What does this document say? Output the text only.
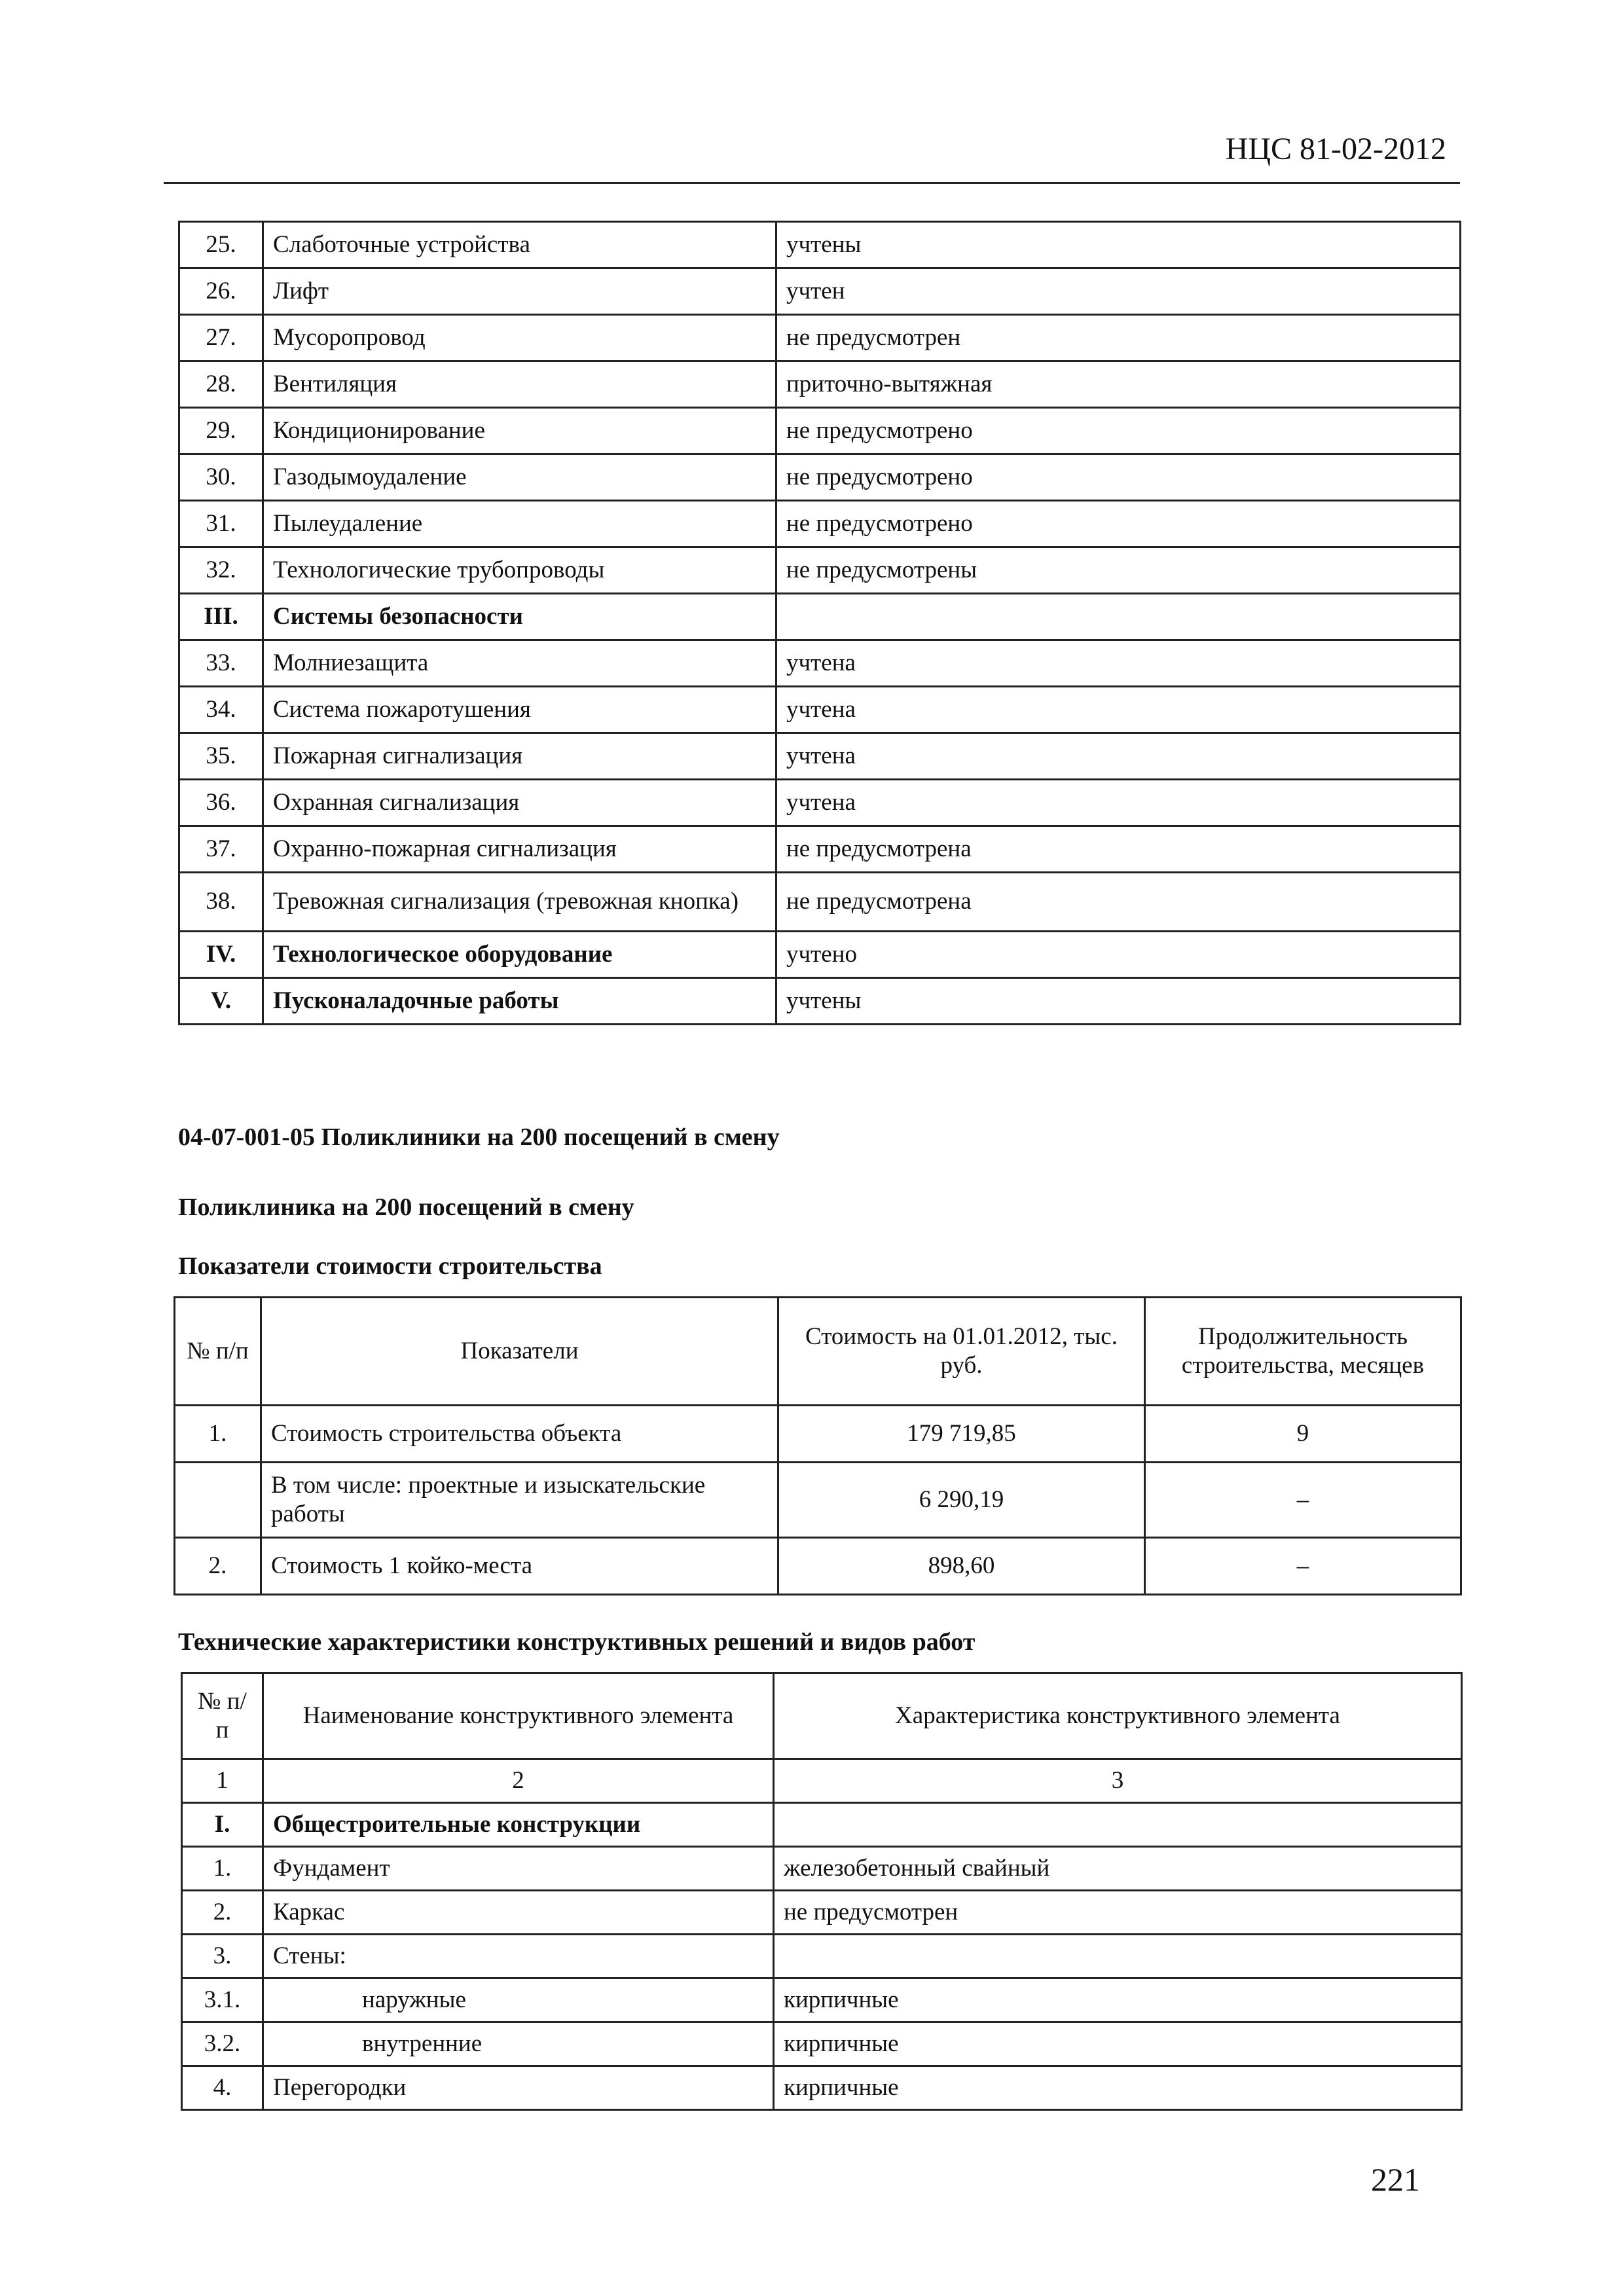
НЦС 81-02-2012
25.	Слаботочные устройства	учтены
26.	Лифт	учтен
27.	Мусоропровод	не предусмотрен
28.	Вентиляция	приточно-вытяжная
29.	Кондиционирование	не предусмотрено
30.	Газодымоудаление	не предусмотрено
31.	Пылеудаление	не предусмотрено
32.	Технологические трубопроводы	не предусмотрены
III.	Системы безопасности	
33.	Молниезащита	учтена
34.	Система пожаротушения	учтена
35.	Пожарная сигнализация	учтена
36.	Охранная сигнализация	учтена
37.	Охранно-пожарная сигнализация	не предусмотрена
38.	Тревожная сигнализация (тревожная кнопка)	не предусмотрена
IV.	Технологическое оборудование	учтено
V.	Пусконаладочные работы	учтены
04-07-001-05 Поликлиники на 200 посещений в смену
Поликлиника на 200 посещений в смену
Показатели стоимости строительства
№ п/п	Показатели	Стоимость на 01.01.2012, тыс. руб.	Продолжительность строительства, месяцев
1.	Стоимость строительства объекта	179 719,85	9
	В том числе: проектные и изыскательские работы	6 290,19	–
2.	Стоимость 1 койко-места	898,60	–
Технические характеристики конструктивных решений и видов работ
№ п/п	Наименование конструктивного элемента	Характеристика конструктивного элемента
1	2	3
I.	Общестроительные конструкции	
1.	Фундамент	железобетонный свайный
2.	Каркас	не предусмотрен
3.	Стены:	
3.1.	наружные	кирпичные
3.2.	внутренние	кирпичные
4.	Перегородки	кирпичные
221
